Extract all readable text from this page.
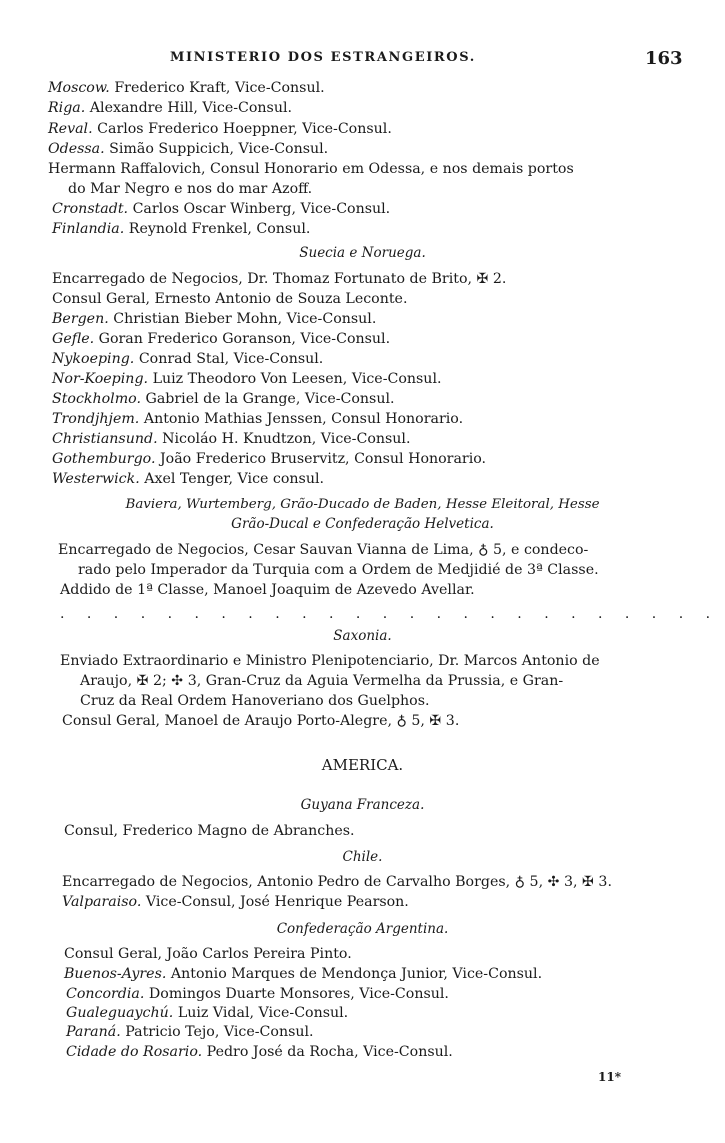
MINISTERIO DOS ESTRANGEIROS.	163
Moscow. Frederico Kraft, Vice-Consul.
Riga. Alexandre Hill, Vice-Consul.
Reval. Carlos Frederico Hoeppner, Vice-Consul.
Odessa. Simão Suppicich, Vice-Consul.
Hermann Raffalovich, Consul Honorario em Odessa, e nos demais portos
do Mar Negro e nos do mar Azoff.
Cronstadt. Carlos Oscar Winberg, Vice-Consul.
Finlandia. Reynold Frenkel, Consul.
Suecia e Noruega.
Encarregado de Negocios, Dr. Thomaz Fortunato de Brito, ✠ 2.
Consul Geral, Ernesto Antonio de Souza Leconte.
Bergen. Christian Bieber Mohn, Vice-Consul.
Gefle. Goran Frederico Goranson, Vice-Consul.
Nykoeping. Conrad Stal, Vice-Consul.
Nor-Koeping. Luiz Theodoro Von Leesen, Vice-Consul.
Stockholmo. Gabriel de la Grange, Vice-Consul.
Trondjhjem. Antonio Mathias Jenssen, Consul Honorario.
Christiansund. Nicoláo H. Knudtzon, Vice-Consul.
Gothemburgo. João Frederico Bruservitz, Consul Honorario.
Westerwick. Axel Tenger, Vice consul.
Baviera, Wurtemberg, Grão-Ducado de Baden, Hesse Eleitoral, Hesse
Grão-Ducal e Confederação Helvetica.
Encarregado de Negocios, Cesar Sauvan Vianna de Lima, ♁ 5, e condeco-
rado pelo Imperador da Turquia com a Ordem de Medjidié de 3ª Classe.
Addido de 1ª Classe, Manoel Joaquim de Azevedo Avellar.
. . . . . . . . . . . . . . . . . . . . . . . . .
Saxonia.
Enviado Extraordinario e Ministro Plenipotenciario, Dr. Marcos Antonio de
Araujo, ✠ 2; ✣ 3, Gran-Cruz da Aguia Vermelha da Prussia, e Gran-
Cruz da Real Ordem Hanoveriano dos Guelphos.
Consul Geral, Manoel de Araujo Porto-Alegre, ♁ 5, ✠ 3.
AMERICA.
Guyana Franceza.
Consul, Frederico Magno de Abranches.
Chile.
Encarregado de Negocios, Antonio Pedro de Carvalho Borges, ♁ 5, ✣ 3, ✠ 3.
Valparaiso. Vice-Consul, José Henrique Pearson.
Confederação Argentina.
Consul Geral, João Carlos Pereira Pinto.
Buenos-Ayres. Antonio Marques de Mendonça Junior, Vice-Consul.
Concordia. Domingos Duarte Monsores, Vice-Consul.
Gualeguaychú. Luiz Vidal, Vice-Consul.
Paraná. Patricio Tejo, Vice-Consul.
Cidade do Rosario. Pedro José da Rocha, Vice-Consul.
11*
